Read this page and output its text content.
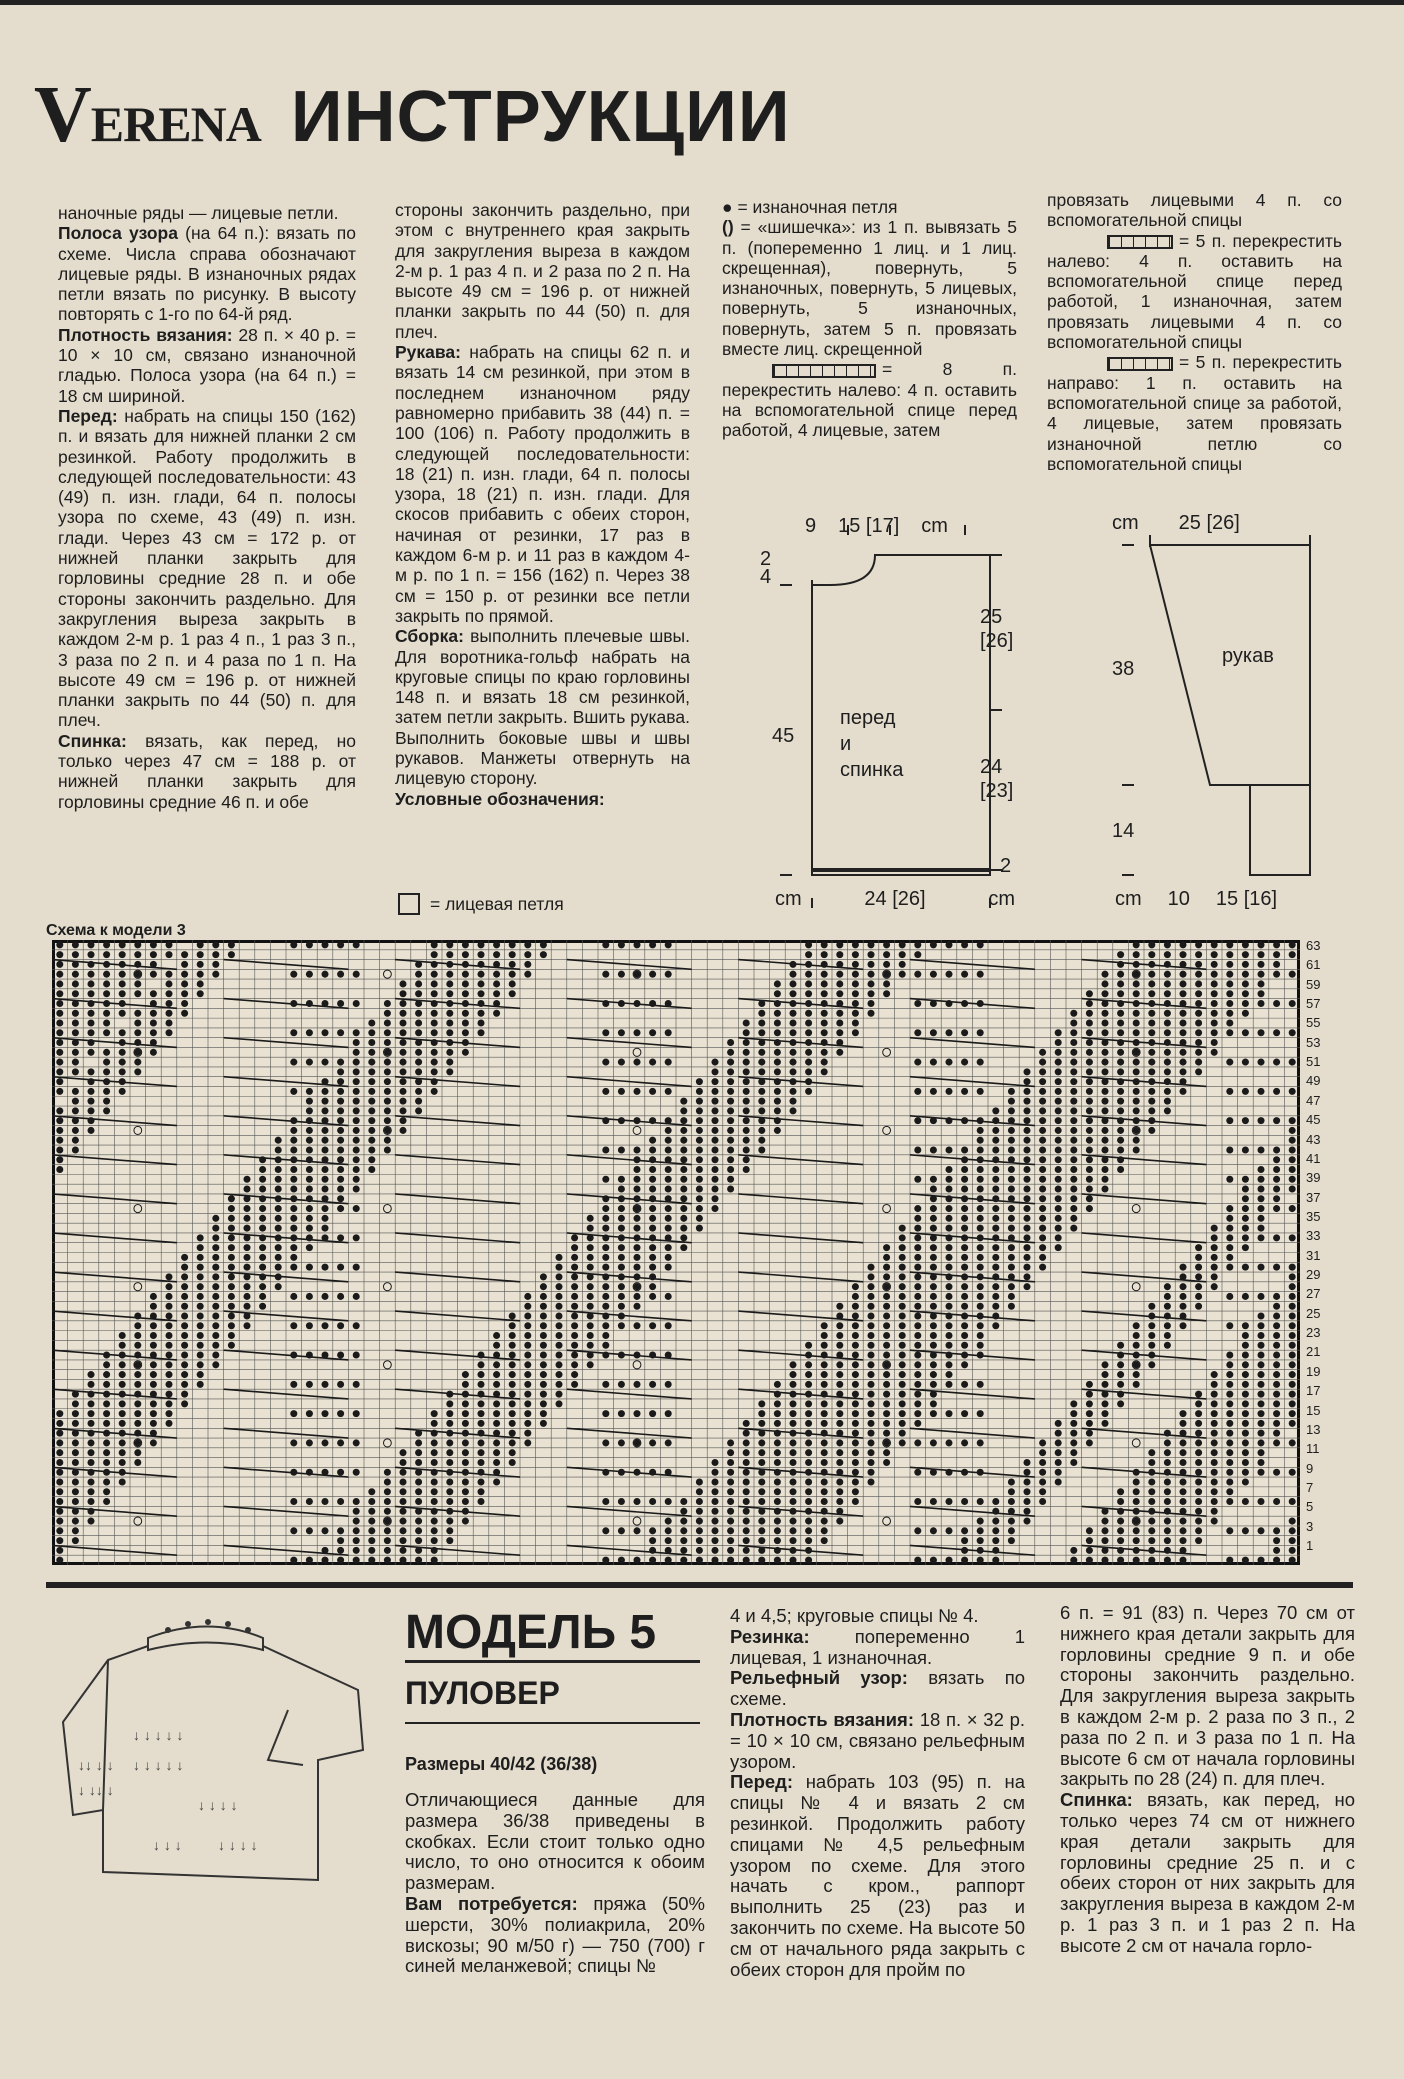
VERENA ИНСТРУКЦИИ

наночные ряды — лицевые петли.

Полоса узора (на 64 п.): вязать по схеме. Числа справа обозначают лицевые ряды. В изнаночных рядах петли вязать по рисунку. В высоту повторять с 1-го по 64-й ряд.

Плотность вязания: 28 п. × 40 р. = 10 × 10 см, связано изнаночной гладью. Полоса узора (на 64 п.) = 18 см шириной.

Перед: набрать на спицы 150 (162) п. и вязать для нижней планки 2 см резинкой. Работу продолжить в следующей последовательности: 43 (49) п. изн. глади, 64 п. полосы узора по схеме, 43 (49) п. изн. глади. Через 43 см = 172 р. от нижней планки закрыть для горловины средние 28 п. и обе стороны закончить раздельно. Для закругления выреза закрыть в каждом 2-м р. 1 раз 4 п., 1 раз 3 п., 3 раза по 2 п. и 4 раза по 1 п. На высоте 49 см = 196 р. от нижней планки закрыть по 44 (50) п. для плеч.

Спинка: вязать, как перед, но только через 47 см = 188 р. от нижней планки закрыть для горловины средние 46 п. и обе

стороны закончить раздельно, при этом с внутреннего края закрыть для закругления выреза в каждом 2-м р. 1 раз 4 п. и 2 раза по 2 п. На высоте 49 см = 196 р. от нижней планки закрыть по 44 (50) п. для плеч.

Рукава: набрать на спицы 62 п. и вязать 14 см резинкой, при этом в последнем изнаночном ряду равномерно прибавить 38 (44) п. = 100 (106) п. Работу продолжить в следующей последовательности: 18 (21) п. изн. глади, 64 п. полосы узора, 18 (21) п. изн. глади. Для скосов прибавить с обеих сторон, начиная от резинки, 17 раз в каждом 6-м р. и 11 раз в каждом 4-м р. по 1 п. = 156 (162) п. Через 38 см = 150 р. от резинки все петли закрыть по прямой.

Сборка: выполнить плечевые швы. Для воротника-гольф набрать на круговые спицы по краю горловины 148 п. и вязать 18 см резинкой, затем петли закрыть. Вшить рукава. Выполнить боковые швы и швы рукавов. Манжеты отвернуть на лицевую сторону.

Условные обозначения:

= лицевая петля

● = изнаночная петля

() = «шишечка»: из 1 п. вывязать 5 п. (попеременно 1 лиц. и 1 лиц. скрещенная), повернуть, 5 изнаночных, повернуть, 5 лицевых, повернуть, 5 изнаночных, повернуть, затем 5 п. провязать вместе лиц. скрещенной

= 8 п. перекрестить налево: 4 п. оставить на вспомогательной спице перед работой, 4 лицевые, затем

провязать лицевыми 4 п. со вспомогательной спицы

= 5 п. перекрестить налево: 4 п. оставить на вспомогательной спице перед работой, 1 изнаночная, затем провязать лицевыми 4 п. со вспомогательной спицы

= 5 п. перекрестить направо: 1 п. оставить на вспомогательной спице за работой, 4 лицевые, затем провязать изнаночной петлю со вспомогательной спицы

9 15 [17] cm
2
4
25
[26]
24
[23]
2
45
перед
и
спинка
cm	24 [26]	cm
cm 25 [26]
38
14
рукав
cm 10 15 [16]
Схема к модели 3
63
61
59
57
55
53
51
49
47
45
43
41
39
37
35
33
31
29
27
25
23
21
19
17
15
13
11
9
7
5
3
1
↓↓ ↓ ↓
↓ ↓↓ ↓
↓ ↓ ↓ ↓ ↓
↓ ↓ ↓ ↓ ↓
↓ ↓ ↓ ↓
↓ ↓ ↓ ↓
↓ ↓ ↓
МОДЕЛЬ 5
ПУЛОВЕР
Размеры 40/42 (36/38)

Отличающиеся данные для размера 36/38 приведены в скобках. Если стоит только одно число, то оно относится к обоим размерам.

Вам потребуется: пряжа (50% шерсти, 30% полиакрила, 20% вискозы; 90 м/50 г) — 750 (700) г синей меланжевой; спицы №

4 и 4,5; круговые спицы № 4.

Резинка: попеременно 1 лицевая, 1 изнаночная.

Рельефный узор: вязать по схеме.

Плотность вязания: 18 п. × 32 р. = 10 × 10 см, связано рельефным узором.

Перед: набрать 103 (95) п. на спицы № 4 и вязать 2 см резинкой. Продолжить работу спицами № 4,5 рельефным узором по схеме. Для этого начать с кром., раппорт выполнить 25 (23) раз и закончить по схеме. На высоте 50 см от начального ряда закрыть с обеих сторон для пройм по

6 п. = 91 (83) п. Через 70 см от нижнего края детали закрыть для горловины средние 9 п. и обе стороны закончить раздельно. Для закругления выреза закрыть в каждом 2-м р. 2 раза по 3 п., 2 раза по 2 п. и 3 раза по 1 п. На высоте 6 см от начала горловины закрыть по 28 (24) п. для плеч.

Спинка: вязать, как перед, но только через 74 см от нижнего края детали закрыть для горловины средние 25 п. и с обеих сторон от них закрыть для закругления выреза в каждом 2-м р. 1 раз 3 п. и 1 раз 2 п. На высоте 2 см от начала горло-
